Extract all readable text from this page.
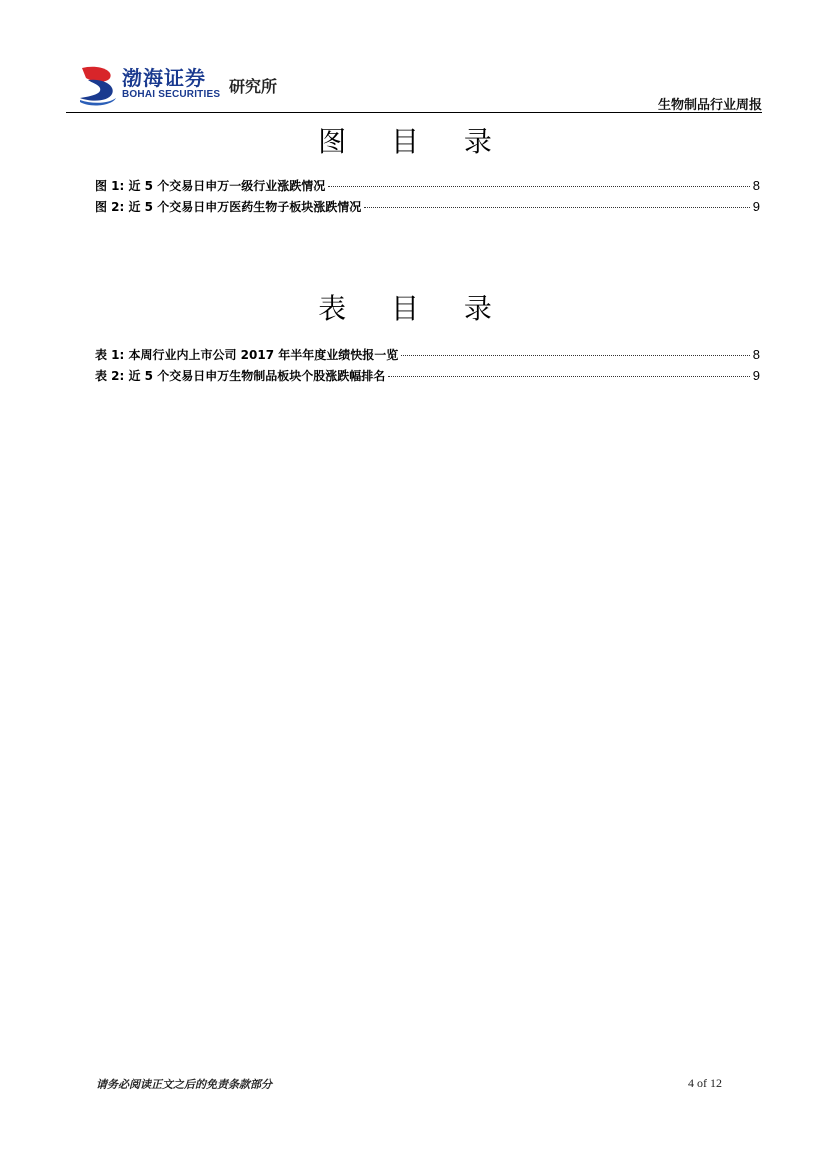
渤海证券
BOHAI SECURITIES 研究所
生物制品行业周报
图 目 录
图 1: 近 5 个交易日申万一级行业涨跌情况	8
图 2: 近 5 个交易日申万医药生物子板块涨跌情况	9
表 目 录
表 1: 本周行业内上市公司 2017 年半年度业绩快报一览	8
表 2: 近 5 个交易日申万生物制品板块个股涨跌幅排名	9
请务必阅读正文之后的免责条款部分	4 of 12
